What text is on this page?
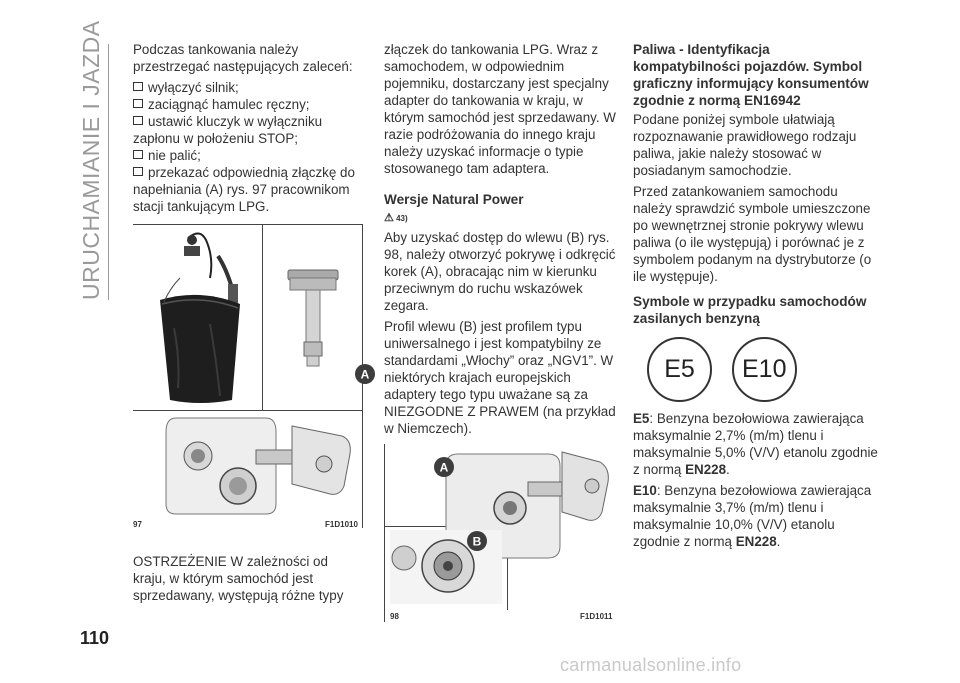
URUCHAMIANIE I JAZDA
110

Podczas tankowania należy przestrzegać następujących zaleceń:

wyłączyć silnik;
zaciągnąć hamulec ręczny;
ustawić kluczyk w wyłączniku zapłonu w położeniu STOP;
nie palić;
przekazać odpowiednią złączkę do napełniania (A) rys. 97 pracownikom stacji tankującym LPG.
A
97	F1D1010

OSTRZEŻENIE W zależności od kraju, w którym samochód jest sprzedawany, występują różne typy

złączek do tankowania LPG. Wraz z samochodem, w odpowiednim pojemniku, dostarczany jest specjalny adapter do tankowania w kraju, w którym samochód jest sprzedawany. W razie podróżowania do innego kraju należy uzyskać informacje o typie stosowanego tam adaptera.

Wersje Natural Power
⚠ 43)

Aby uzyskać dostęp do wlewu (B) rys. 98, należy otworzyć pokrywę i odkręcić korek (A), obracając nim w kierunku przeciwnym do ruchu wskazówek zegara.

Profil wlewu (B) jest profilem typu uniwersalnego i jest kompatybilny ze standardami „Włochy” oraz „NGV1”. W niektórych krajach europejskich adaptery tego typu uważane są za NIEZGODNE Z PRAWEM (na przykład w Niemczech).

A
B
98	F1D1011
Paliwa - Identyfikacja kompatybilności pojazdów. Symbol graficzny informujący konsumentów zgodnie z normą EN16942

Podane poniżej symbole ułatwiają rozpoznawanie prawidłowego rodzaju paliwa, jakie należy stosować w posiadanym samochodzie.

Przed zatankowaniem samochodu należy sprawdzić symbole umieszczone po wewnętrznej stronie pokrywy wlewu paliwa (o ile występują) i porównać je z symbolem podanym na dystrybutorze (o ile występuje).

Symbole w przypadku samochodów zasilanych benzyną
E5 E10

E5: Benzyna bezołowiowa zawierająca maksymalnie 2,7% (m/m) tlenu i maksymalnie 5,0% (V/V) etanolu zgodnie z normą EN228.

E10: Benzyna bezołowiowa zawierająca maksymalnie 3,7% (m/m) tlenu i maksymalnie 10,0% (V/V) etanolu zgodnie z normą EN228.

carmanualsonline.info
